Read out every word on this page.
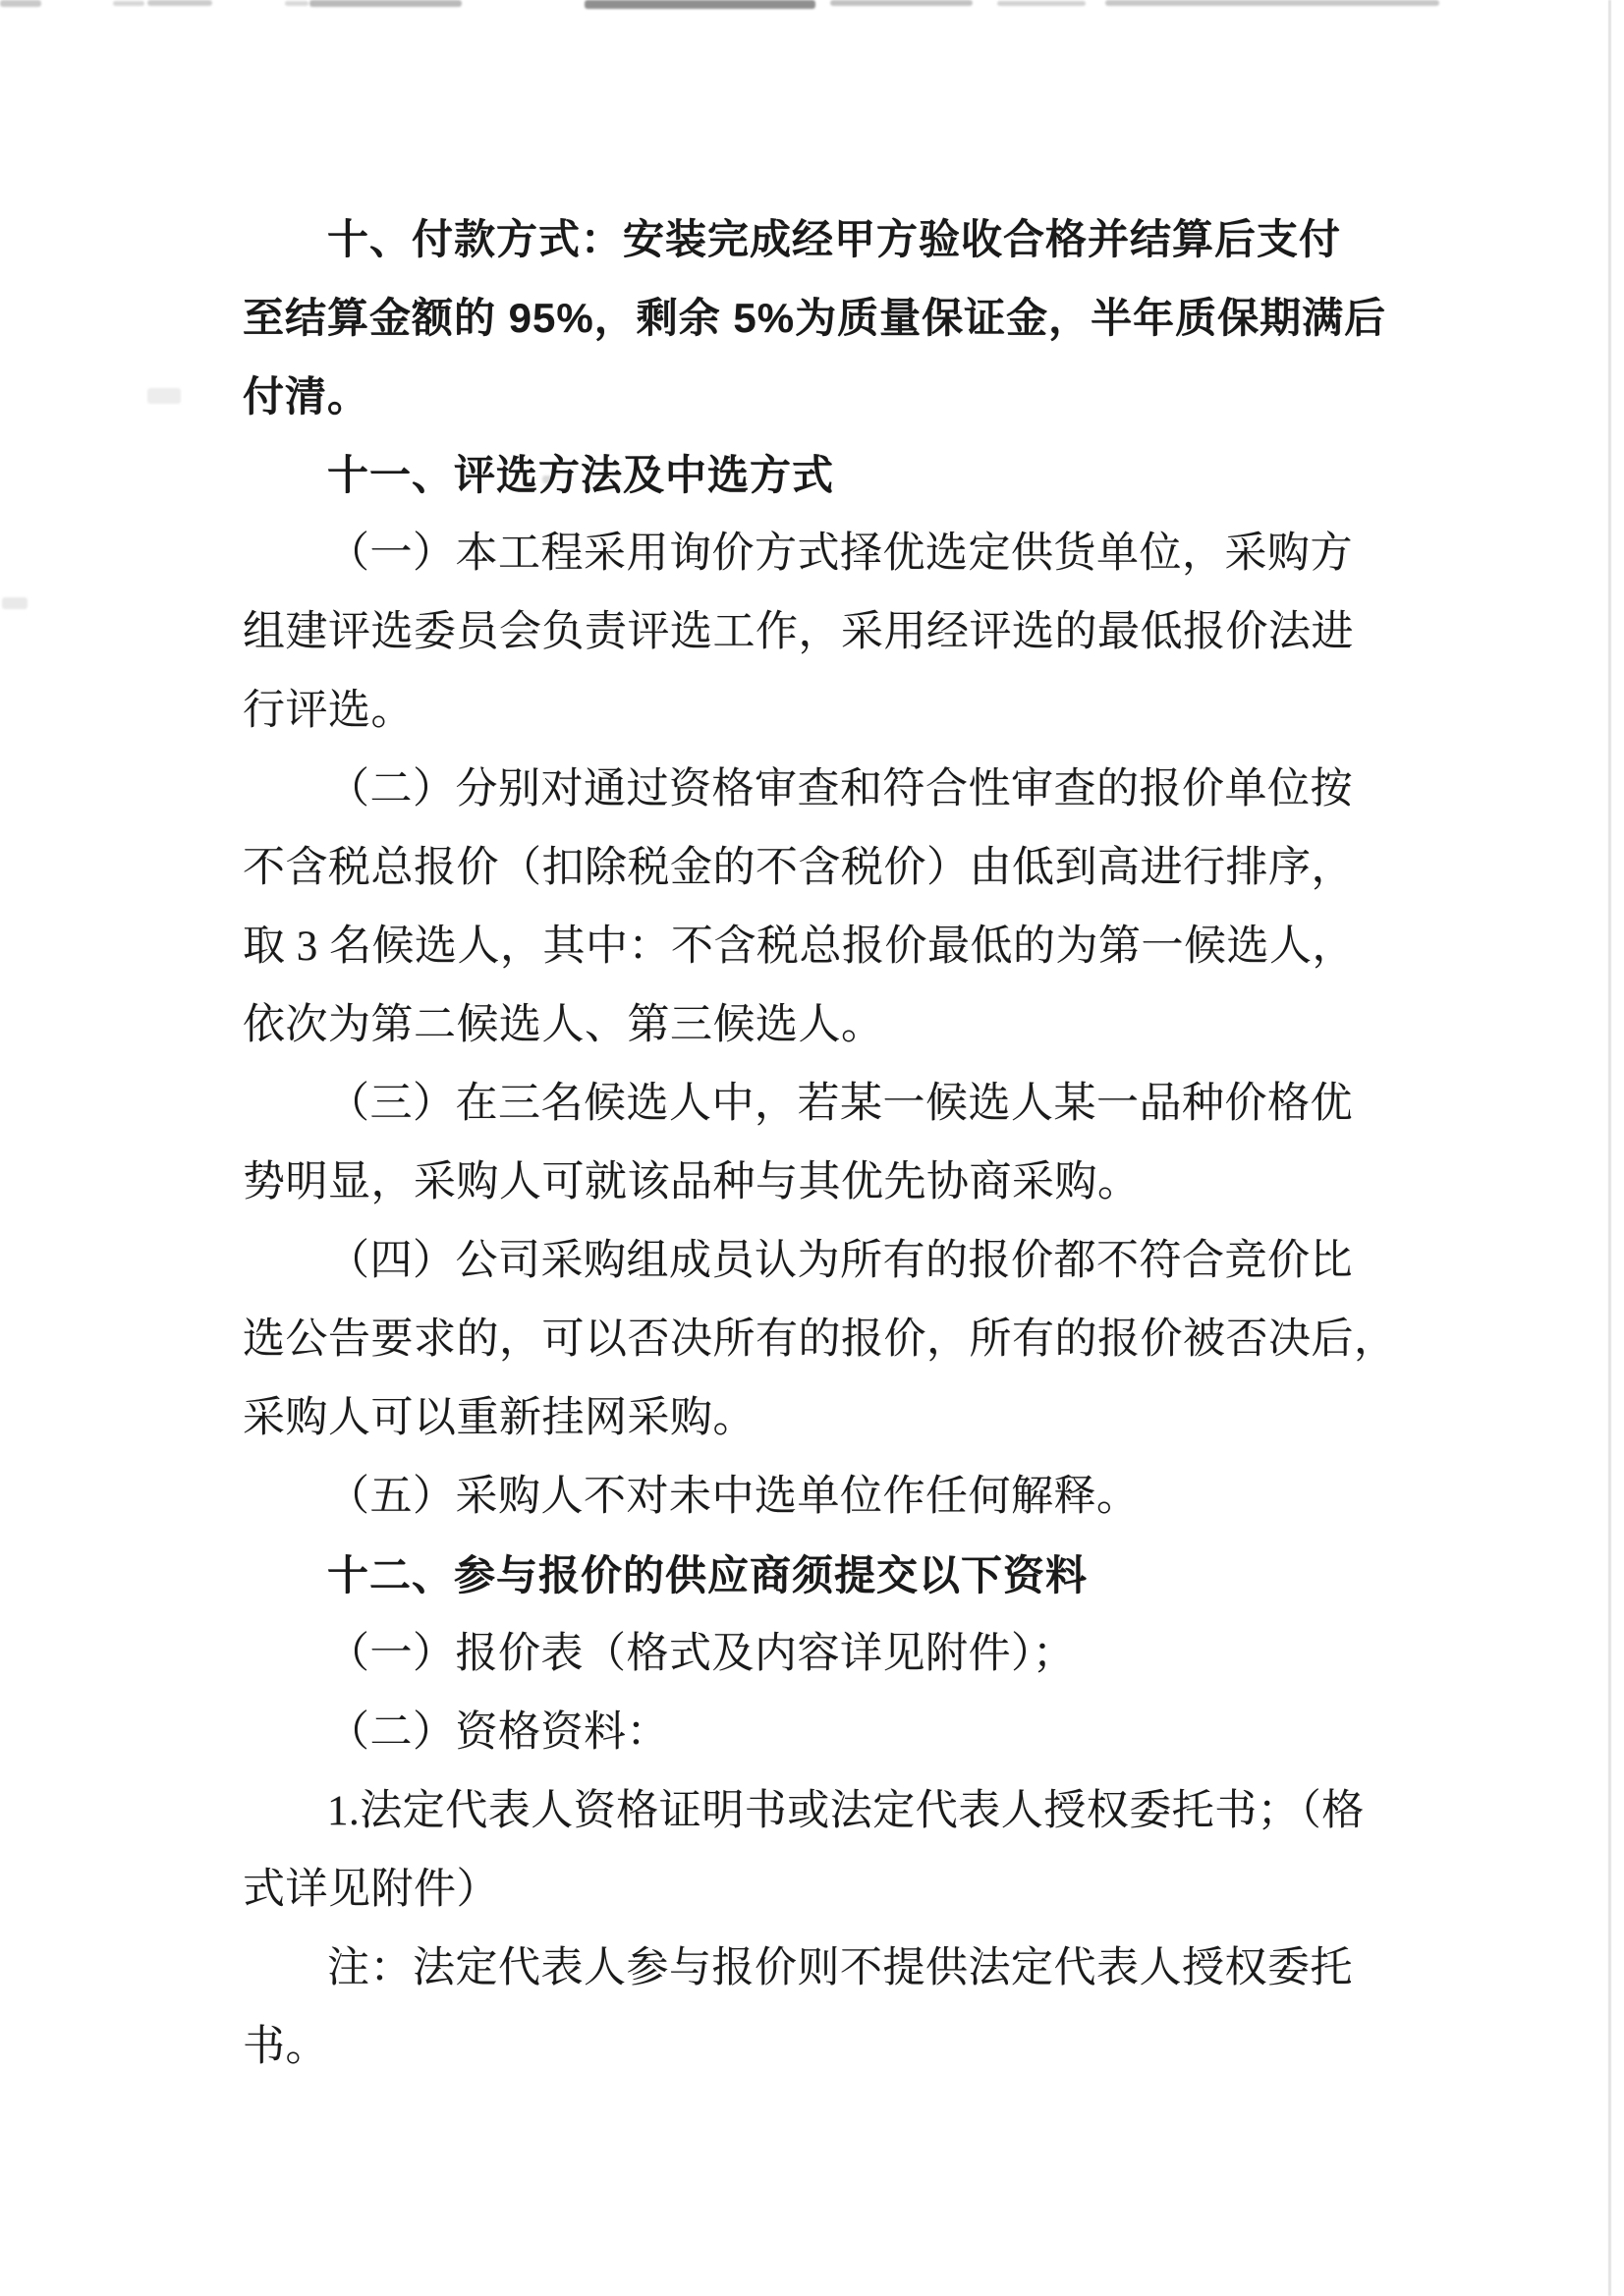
十、付款方式：安装完成经甲方验收合格并结算后支付
至结算金额的 95%，剩余 5%为质量保证金，半年质保期满后
付清。
十一、评选方法及中选方式
（一）本工程采用询价方式择优选定供货单位，采购方
组建评选委员会负责评选工作，采用经评选的最低报价法进
行评选。
（二）分别对通过资格审查和符合性审查的报价单位按
不含税总报价（扣除税金的不含税价）由低到高进行排序，
取 3 名候选人，其中：不含税总报价最低的为第一候选人，
依次为第二候选人、第三候选人。
（三）在三名候选人中，若某一候选人某一品种价格优
势明显，采购人可就该品种与其优先协商采购。
（四）公司采购组成员认为所有的报价都不符合竞价比
选公告要求的，可以否决所有的报价，所有的报价被否决后，
采购人可以重新挂网采购。
（五）采购人不对未中选单位作任何解释。
十二、参与报价的供应商须提交以下资料
（一）报价表（格式及内容详见附件）；
（二）资格资料：
1.法定代表人资格证明书或法定代表人授权委托书；（格
式详见附件）
注：法定代表人参与报价则不提供法定代表人授权委托
书。
